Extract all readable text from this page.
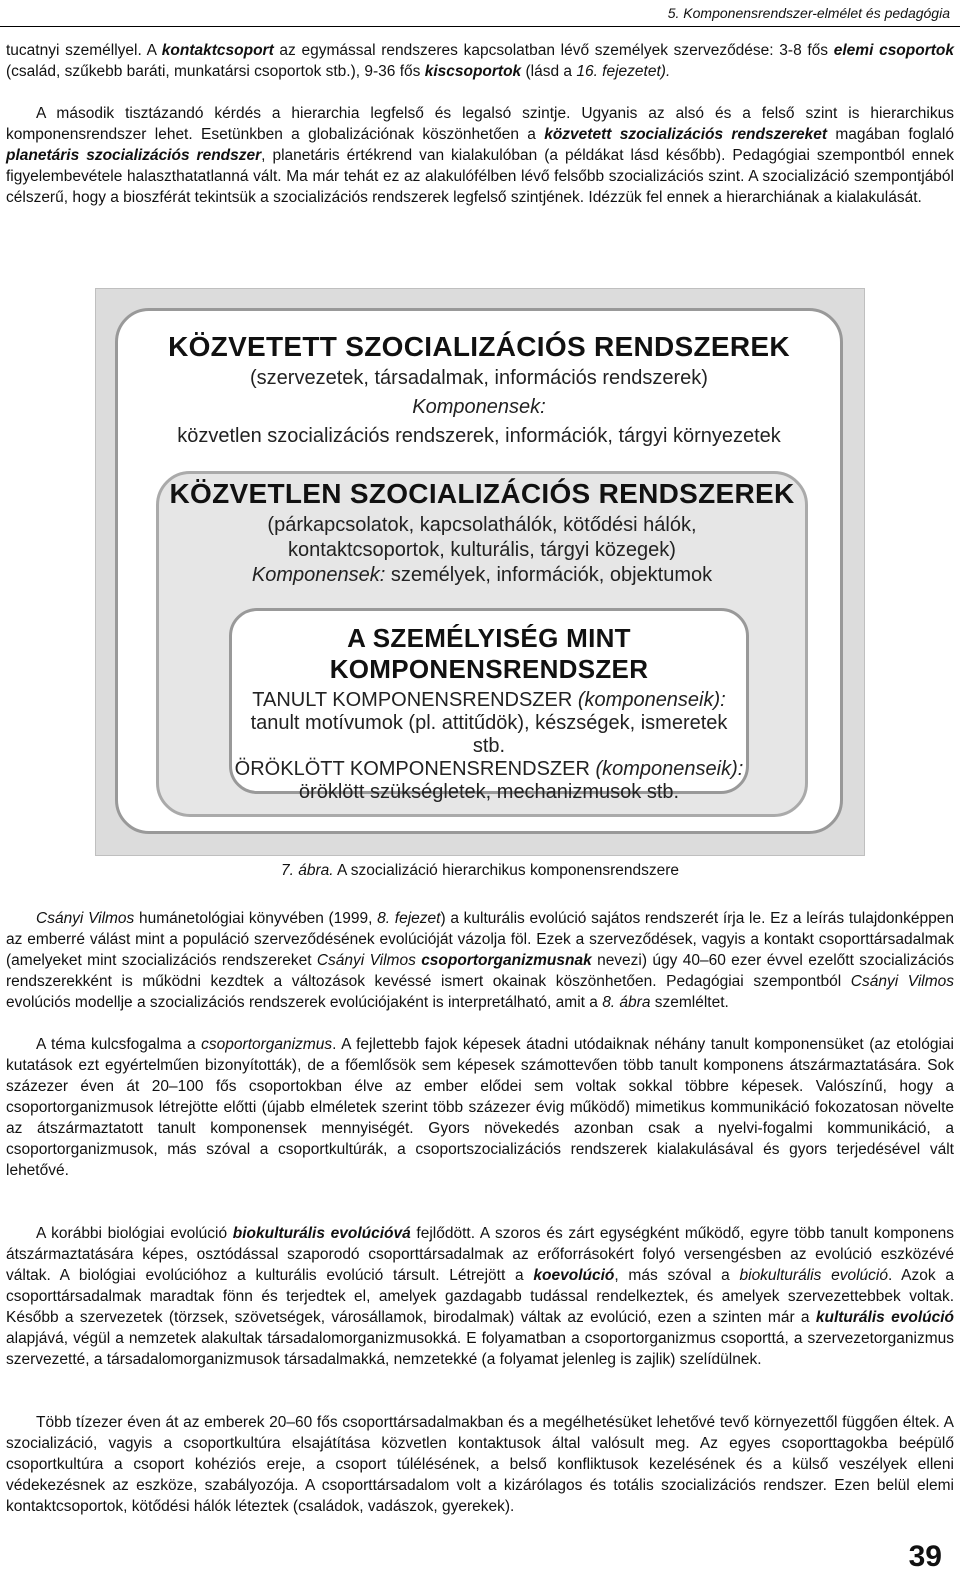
5. Komponensrendszer-elmélet és pedagógia

tucatnyi személlyel. A kontaktcsoport az egymással rendszeres kapcsolatban lévő személyek szerveződése: 3-8 fős elemi csoportok (család, szűkebb baráti, munkatársi csoportok stb.), 9-36 fős kiscsoportok (lásd a 16. fejezetet).

A második tisztázandó kérdés a hierarchia legfelső és legalsó szintje. Ugyanis az alsó és a felső szint is hierarchikus komponensrendszer lehet. Esetünkben a globalizációnak köszönhetően a közvetett szocializációs rendszereket magában foglaló planetáris szocializációs rendszer, planetáris értékrend van kialakulóban (a példákat lásd később). Pedagógiai szempontból ennek figyelembevétele halaszthatatlanná vált. Ma már tehát ez az alakulófélben lévő felsőbb szocializációs szint. A szocializáció szempontjából célszerű, hogy a bioszférát tekintsük a szocializációs rendszerek legfelső szintjének. Idézzük fel ennek a hierarchiának a kialakulását.

KÖZVETETT SZOCIALIZÁCIÓS RENDSZEREK
(szervezetek, társadalmak, információs rendszerek)
Komponensek:
közvetlen szocializációs rendszerek, információk, tárgyi környezetek
KÖZVETLEN SZOCIALIZÁCIÓS RENDSZEREK
(párkapcsolatok, kapcsolathálók, kötődési hálók,
kontaktcsoportok, kulturális, tárgyi közegek)
Komponensek: személyek, információk, objektumok
A SZEMÉLYISÉG MINT
KOMPONENSRENDSZER
TANULT KOMPONENSRENDSZER (komponenseik):
tanult motívumok (pl. attitűdök), készségek, ismeretek stb.
ÖRÖKLÖTT KOMPONENSRENDSZER (komponenseik):
öröklött szükségletek, mechanizmusok stb.
7. ábra. A szocializáció hierarchikus komponensrendszere

Csányi Vilmos humánetológiai könyvében (1999, 8. fejezet) a kulturális evolúció sajátos rendszerét írja le. Ez a leírás tulajdonképpen az emberré válást mint a populáció szerveződésének evolúcióját vázolja föl. Ezek a szerveződések, vagyis a kontakt csoporttársadalmak (amelyeket mint szocializációs rendszereket Csányi Vilmos csoportorganizmusnak nevezi) úgy 40–60 ezer évvel ezelőtt szocializációs rendszerekként is működni kezdtek a változások kevéssé ismert okainak köszönhetően. Pedagógiai szempontból Csányi Vilmos evolúciós modellje a szocializációs rendszerek evolúciójaként is interpretálható, amit a 8. ábra szemléltet.

A téma kulcsfogalma a csoportorganizmus. A fejlettebb fajok képesek átadni utódaiknak néhány tanult komponensüket (az etológiai kutatások ezt egyértelműen bizonyították), de a főemlősök sem képesek számottevően több tanult komponens átszármaztatására. Sok százezer éven át 20–100 fős csoportokban élve az ember elődei sem voltak sokkal többre képesek. Valószínű, hogy a csoportorganizmusok létrejötte előtti (újabb elméletek szerint több százezer évig működő) mimetikus kommunikáció fokozatosan növelte az átszármaztatott tanult komponensek mennyiségét. Gyors növekedés azonban csak a nyelvi-fogalmi kommunikáció, a csoportorganizmusok, más szóval a csoportkultúrák, a csoportszocializációs rendszerek kialakulásával és gyors terjedésével vált lehetővé.

A korábbi biológiai evolúció biokulturális evolúcióvá fejlődött. A szoros és zárt egységként működő, egyre több tanult komponens átszármaztatására képes, osztódással szaporodó csoporttársadalmak az erőforrásokért folyó versengésben az evolúció eszközévé váltak. A biológiai evolúcióhoz a kulturális evolúció társult. Létrejött a koevolúció, más szóval a biokulturális evolúció. Azok a csoporttársadalmak maradtak fönn és terjedtek el, amelyek gazdagabb tudással rendelkeztek, és amelyek szervezettebbek voltak. Később a szervezetek (törzsek, szövetségek, városállamok, birodalmak) váltak az evolúció, ezen a szinten már a kulturális evolúció alapjává, végül a nemzetek alakultak társadalomorganizmusokká. E folyamatban a csoportorganizmus csoporttá, a szervezetorganizmus szervezetté, a társadalomorganizmusok társadalmakká, nemzetekké (a folyamat jelenleg is zajlik) szelídülnek.

Több tízezer éven át az emberek 20–60 fős csoporttársadalmakban és a megélhetésüket lehetővé tevő környezettől függően éltek. A szocializáció, vagyis a csoportkultúra elsajátítása közvetlen kontaktusok által valósult meg. Az egyes csoporttagokba beépülő csoportkultúra a csoport kohéziós ereje, a csoport túlélésének, a belső konfliktusok kezelésének és a külső veszélyek elleni védekezésnek az eszköze, szabályozója. A csoporttársadalom volt a kizárólagos és totális szocializációs rendszer. Ezen belül elemi kontaktcsoportok, kötődési hálók léteztek (családok, vadászok, gyerekek).

39
